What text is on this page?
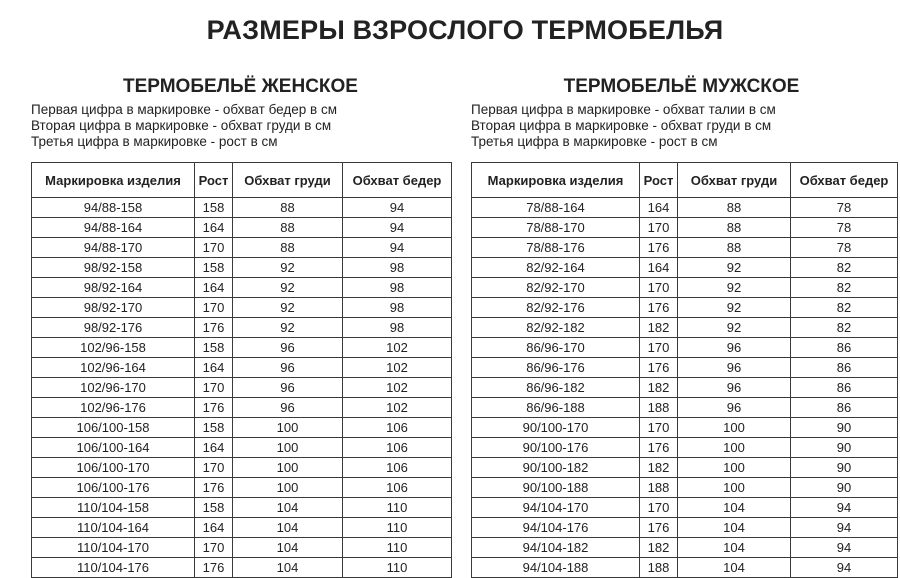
РАЗМЕРЫ ВЗРОСЛОГО ТЕРМОБЕЛЬЯ
ТЕРМОБЕЛЬЁ ЖЕНСКОЕ
Первая цифра в маркировке - обхват бедер в см
Вторая цифра в маркировке - обхват груди в см
Третья цифра в маркировке - рост в см
Маркировка изделия	Рост	Обхват груди	Обхват бедер
94/88-158	158	88	94
94/88-164	164	88	94
94/88-170	170	88	94
98/92-158	158	92	98
98/92-164	164	92	98
98/92-170	170	92	98
98/92-176	176	92	98
102/96-158	158	96	102
102/96-164	164	96	102
102/96-170	170	96	102
102/96-176	176	96	102
106/100-158	158	100	106
106/100-164	164	100	106
106/100-170	170	100	106
106/100-176	176	100	106
110/104-158	158	104	110
110/104-164	164	104	110
110/104-170	170	104	110
110/104-176	176	104	110
ТЕРМОБЕЛЬЁ МУЖСКОЕ
Первая цифра в маркировке - обхват талии в см
Вторая цифра в маркировке - обхват груди в см
Третья цифра в маркировке - рост в см
Маркировка изделия	Рост	Обхват груди	Обхват бедер
78/88-164	164	88	78
78/88-170	170	88	78
78/88-176	176	88	78
82/92-164	164	92	82
82/92-170	170	92	82
82/92-176	176	92	82
82/92-182	182	92	82
86/96-170	170	96	86
86/96-176	176	96	86
86/96-182	182	96	86
86/96-188	188	96	86
90/100-170	170	100	90
90/100-176	176	100	90
90/100-182	182	100	90
90/100-188	188	100	90
94/104-170	170	104	94
94/104-176	176	104	94
94/104-182	182	104	94
94/104-188	188	104	94
